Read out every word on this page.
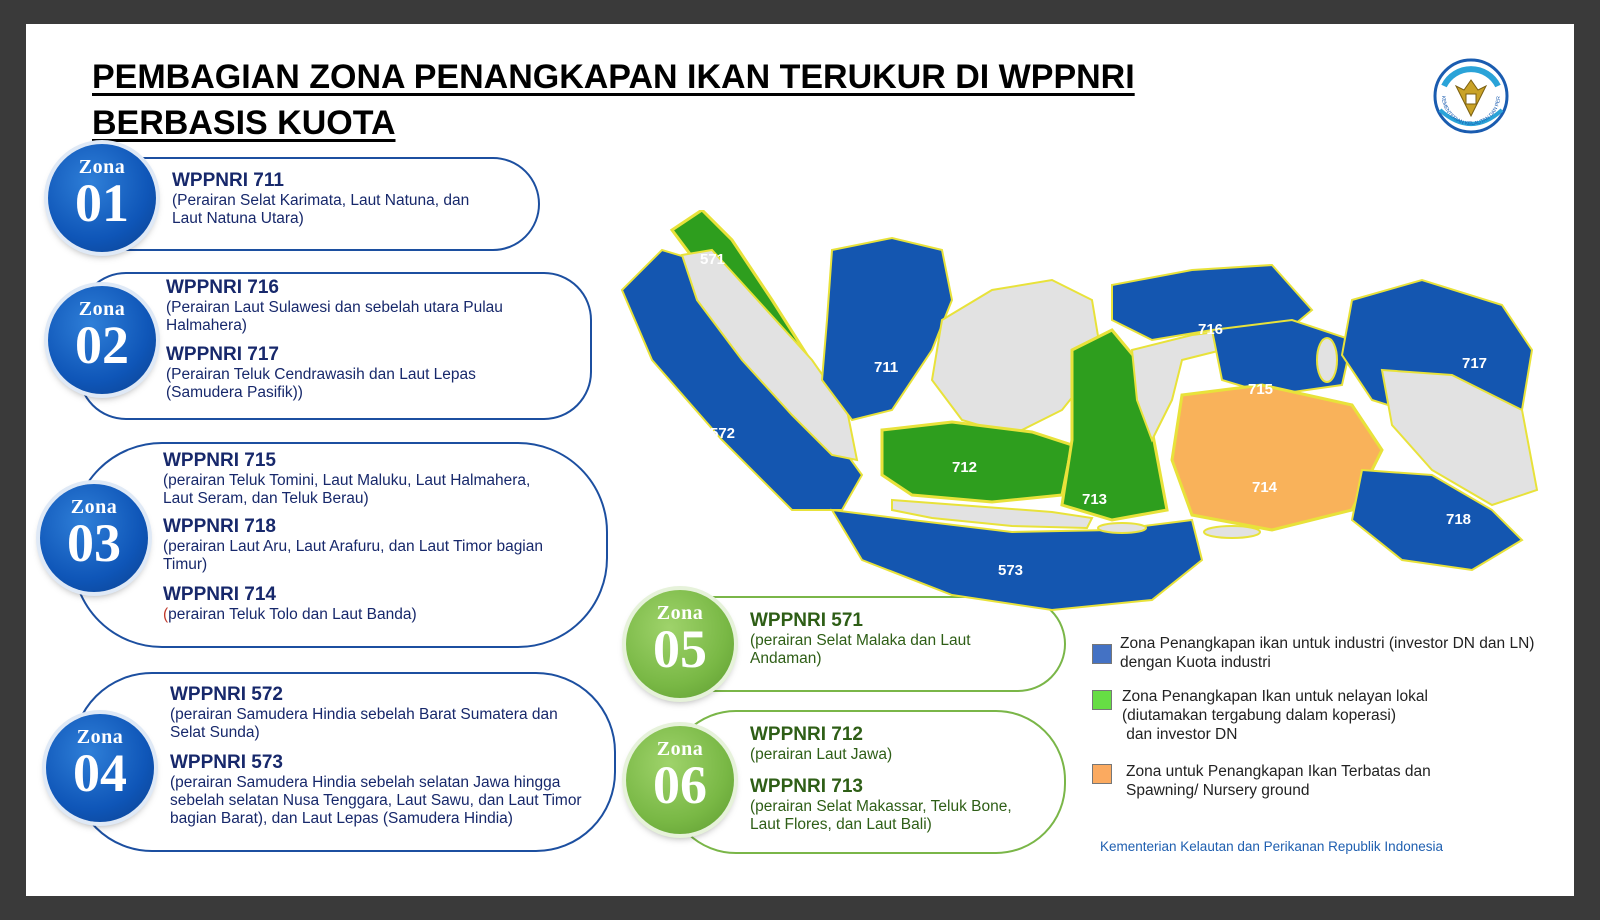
PEMBAGIAN ZONA PENANGKAPAN IKAN TERUKUR DI WPPNRI
BERBASIS KUOTA
KEMENTERIAN KELAUTAN DAN PER
Zona
01	WPPNRI 711
(Perairan Selat Karimata, Laut Natuna, dan
Laut Natuna Utara)
Zona
02
WPPNRI 716
(Perairan Laut Sulawesi dan sebelah utara Pulau
Halmahera)
WPPNRI 717
(Perairan Teluk Cendrawasih dan Laut Lepas
(Samudera Pasifik))
Zona
03
WPPNRI 715
(perairan Teluk Tomini, Laut Maluku, Laut Halmahera,
Laut Seram, dan Teluk Berau)
WPPNRI 718
(perairan Laut Aru, Laut Arafuru, dan Laut Timor bagian
Timur)
WPPNRI 714
(perairan Teluk Tolo dan Laut Banda)
Zona
04
WPPNRI 572
(perairan Samudera Hindia sebelah Barat Sumatera dan
Selat Sunda)
WPPNRI 573
(perairan Samudera Hindia sebelah selatan Jawa hingga
sebelah selatan Nusa Tenggara, Laut Sawu, dan Laut Timor
bagian Barat), dan Laut Lepas (Samudera Hindia)
Zona
05	WPPNRI 571
(perairan Selat Malaka dan Laut
Andaman)
Zona
06
WPPNRI 712
(perairan Laut Jawa)
WPPNRI 713
(perairan Selat Makassar, Teluk Bone,
Laut Flores, dan Laut Bali)
571
711
572
712
713
573
716
715
717
714
718
Zona Penangkapan ikan untuk industri (investor DN dan LN)
dengan Kuota industri
Zona Penangkapan Ikan untuk nelayan lokal
(diutamakan tergabung dalam koperasi)
dan investor DN
Zona untuk Penangkapan Ikan Terbatas dan
Spawning/ Nursery ground
Kementerian Kelautan dan Perikanan Republik Indonesia
